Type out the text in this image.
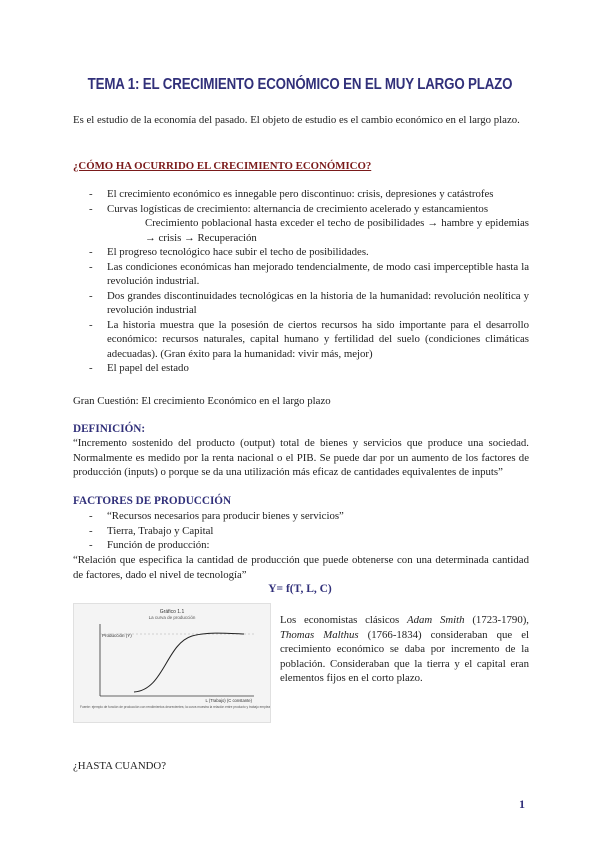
TEMA 1: EL CRECIMIENTO ECONÓMICO EN EL MUY LARGO PLAZO
Es el estudio de la economía del pasado. El objeto de estudio es el cambio económico en el largo plazo.
¿CÓMO HA OCURRIDO EL CRECIMIENTO ECONÓMICO?
- El crecimiento económico es innegable pero discontinuo: crisis, depresiones y catástrofes
- Curvas logísticas de crecimiento: alternancia de crecimiento acelerado y estancamientos
Crecimiento poblacional hasta exceder el techo de posibilidades → hambre y epidemias → crisis → Recuperación
- El progreso tecnológico hace subir el techo de posibilidades.
- Las condiciones económicas han mejorado tendencialmente, de modo casi imperceptible hasta la revolución industrial.
- Dos grandes discontinuidades tecnológicas en la historia de la humanidad: revolución neolítica y revolución industrial
- La historia muestra que la posesión de ciertos recursos ha sido importante para el desarrollo económico: recursos naturales, capital humano y fertilidad del suelo (condiciones climáticas adecuadas). (Gran éxito para la humanidad: vivir más, mejor)
- El papel del estado
Gran Cuestión: El crecimiento Económico en el largo plazo
DEFINICIÓN:
“Incremento sostenido del producto (output) total de bienes y servicios que produce una sociedad. Normalmente es medido por la renta nacional o el PIB. Se puede dar por un aumento de los factores de producción (inputs) o porque se da una utilización más eficaz de cantidades equivalentes de inputs”
FACTORES DE PRODUCCIÓN
- “Recursos necesarios para producir bienes y servicios”
- Tierra, Trabajo y Capital
- Función de producción:
“Relación que especifica la cantidad de producción que puede obtenerse con una determinada cantidad de factores, dado el nivel de tecnología”
Y= f(T, L, C)
Gráfico 1.1
La curva de producción
Producción (Y)
L (Trabajo) (C constante)
Fuente: ejemplo de función de producción con rendimientos decrecientes; la curva muestra la relación entre producto y trabajo empleado.
Los economistas clásicos Adam Smith (1723-1790), Thomas Malthus (1766-1834) consideraban que el crecimiento económico se daba por incremento de la población. Consideraban que la tierra y el capital eran elementos fijos en el corto plazo.
¿HASTA CUANDO?
1
